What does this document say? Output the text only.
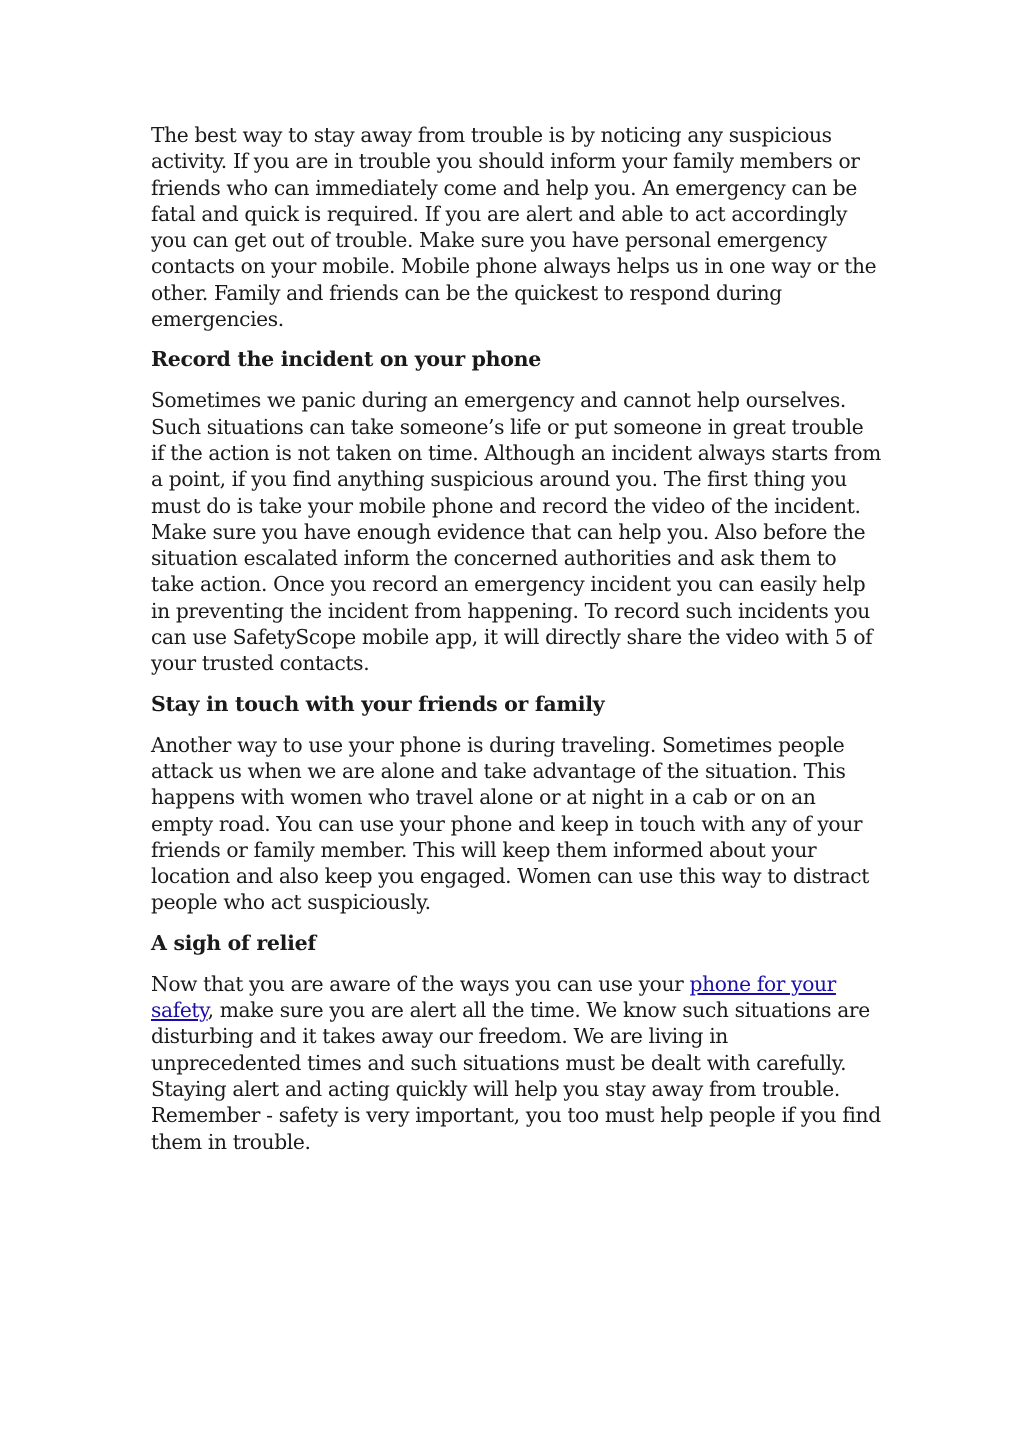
The best way to stay away from trouble is by noticing any suspicious activity. If you are in trouble you should inform your family members or friends who can immediately come and help you. An emergency can be fatal and quick is required. If you are alert and able to act accordingly you can get out of trouble. Make sure you have personal emergency contacts on your mobile. Mobile phone always helps us in one way or the other. Family and friends can be the quickest to respond during emergencies.

Record the incident on your phone

Sometimes we panic during an emergency and cannot help ourselves. Such situations can take someone’s life or put someone in great trouble if the action is not taken on time. Although an incident always starts from a point, if you find anything suspicious around you. The first thing you must do is take your mobile phone and record the video of the incident. Make sure you have enough evidence that can help you. Also before the situation escalated inform the concerned authorities and ask them to take action. Once you record an emergency incident you can easily help in preventing the incident from happening. To record such incidents you can use SafetyScope mobile app, it will directly share the video with 5 of your trusted contacts.

Stay in touch with your friends or family

Another way to use your phone is during traveling. Sometimes people attack us when we are alone and take advantage of the situation. This happens with women who travel alone or at night in a cab or on an empty road. You can use your phone and keep in touch with any of your friends or family member. This will keep them informed about your location and also keep you engaged. Women can use this way to distract people who act suspiciously.

A sigh of relief

Now that you are aware of the ways you can use your phone for your safety, make sure you are alert all the time. We know such situations are disturbing and it takes away our freedom. We are living in unprecedented times and such situations must be dealt with carefully. Staying alert and acting quickly will help you stay away from trouble. Remember - safety is very important, you too must help people if you find them in trouble.
